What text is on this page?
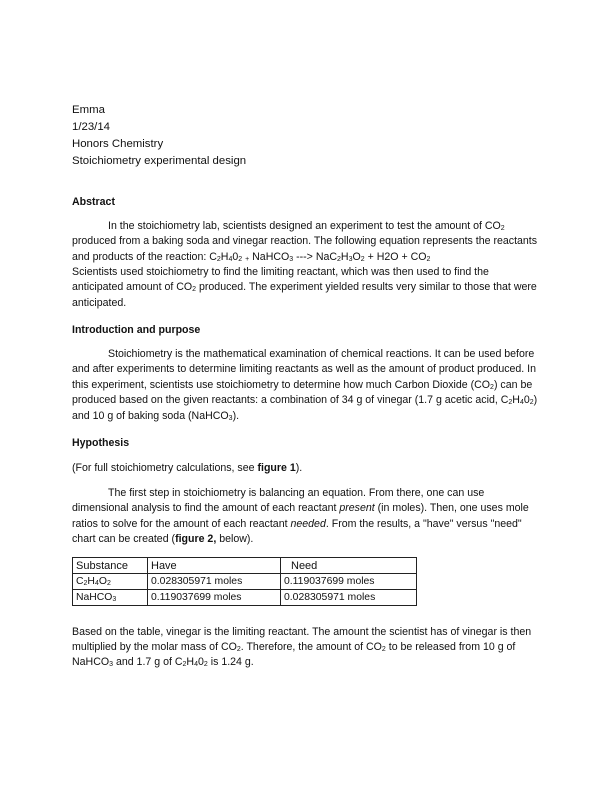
Emma
1/23/14
Honors Chemistry
Stoichiometry experimental design
Abstract
In the stoichiometry lab, scientists designed an experiment to test the amount of $CO_2$ produced from a baking soda and vinegar reaction. The following equation represents the reactants and products of the reaction: $C_2H_40_2$ $_+$ NaHCO$_3$ ---> $NaC_2H_3O_2 + H2O + CO_2$
Scientists used stoichiometry to find the limiting reactant, which was then used to find the anticipated amount of $CO_2$ produced. The experiment yielded results very similar to those that were anticipated.
Introduction and purpose
Stoichiometry is the mathematical examination of chemical reactions. It can be used before and after experiments to determine limiting reactants as well as the amount of product produced. In this experiment, scientists use stoichiometry to determine how much Carbon Dioxide $(CO_2)$ can be produced based on the given reactants: a combination of 34 g of vinegar (1.7 g acetic acid, $C_2H_40_2$) and 10 g of baking soda (NaHCO$_3$).
Hypothesis
(For full stoichiometry calculations, see figure 1).
The first step in stoichiometry is balancing an equation. From there, one can use dimensional analysis to find the amount of each reactant present (in moles). Then, one uses mole ratios to solve for the amount of each reactant needed. From the results, a "have" versus "need" chart can be created (figure 2, below).
Substance	Have	Need
$C_2H_4O_2$	0.028305971 moles	0.119037699 moles
NaHCO$_3$	0.119037699 moles	0.028305971 moles
Based on the table, vinegar is the limiting reactant. The amount the scientist has of vinegar is then multiplied by the molar mass of $CO_2$. Therefore, the amount of $CO_2$ to be released from 10 g of NaHCO$_3$ and 1.7 g of $C_2H_40_2$ is 1.24 g.
